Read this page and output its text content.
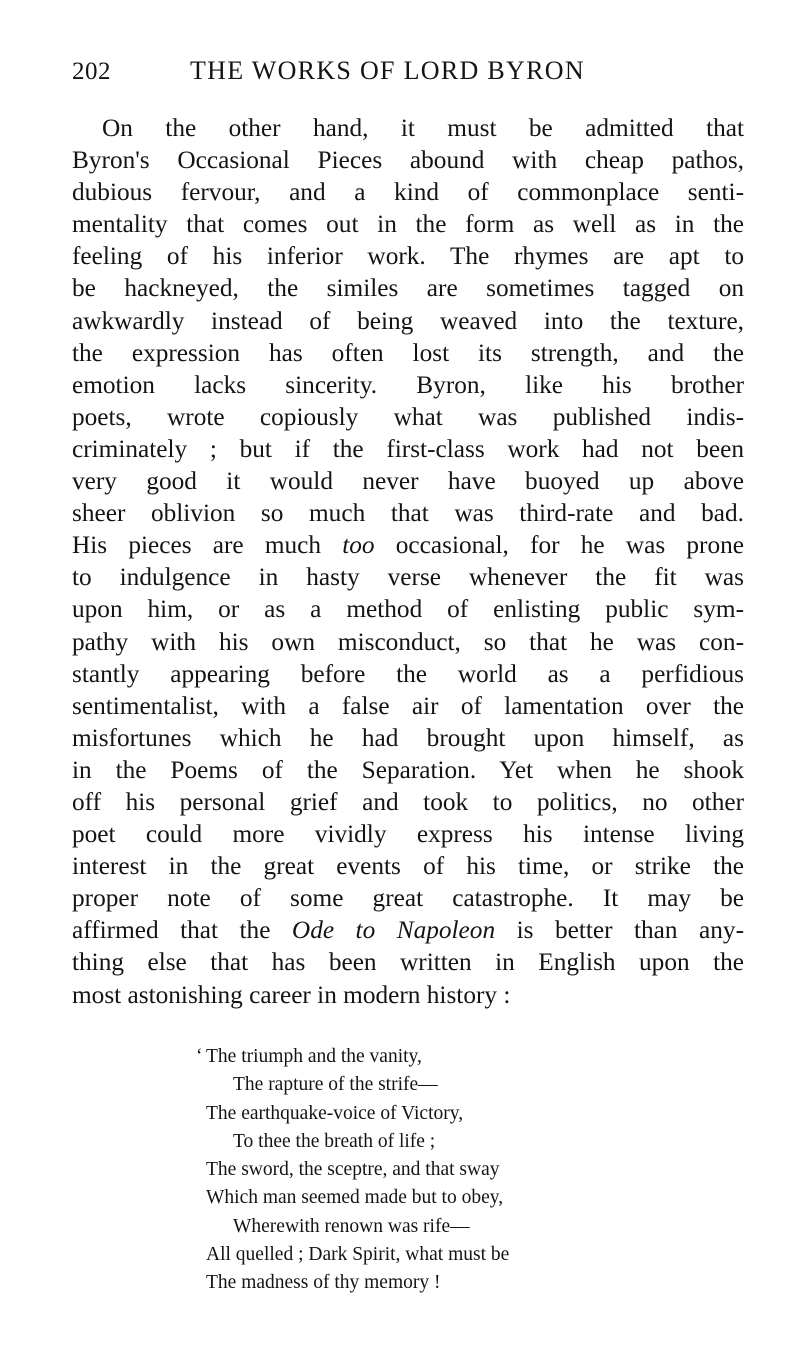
202	THE WORKS OF LORD BYRON
On the other hand, it must be admitted that
Byron's Occasional Pieces abound with cheap pathos,
dubious fervour, and a kind of commonplace senti-
mentality that comes out in the form as well as in the
feeling of his inferior work. The rhymes are apt to
be hackneyed, the similes are sometimes tagged on
awkwardly instead of being weaved into the texture,
the expression has often lost its strength, and the
emotion lacks sincerity. Byron, like his brother
poets, wrote copiously what was published indis-
criminately ; but if the first-class work had not been
very good it would never have buoyed up above
sheer oblivion so much that was third-rate and bad.
His pieces are much too occasional, for he was prone
to indulgence in hasty verse whenever the fit was
upon him, or as a method of enlisting public sym-
pathy with his own misconduct, so that he was con-
stantly appearing before the world as a perfidious
sentimentalist, with a false air of lamentation over the
misfortunes which he had brought upon himself, as
in the Poems of the Separation. Yet when he shook
off his personal grief and took to politics, no other
poet could more vividly express his intense living
interest in the great events of his time, or strike the
proper note of some great catastrophe. It may be
affirmed that the Ode to Napoleon is better than any-
thing else that has been written in English upon the
most astonishing career in modern history :
‘ The triumph and the vanity,
The rapture of the strife—
The earthquake-voice of Victory,
To thee the breath of life ;
The sword, the sceptre, and that sway
Which man seemed made but to obey,
Wherewith renown was rife—
All quelled ; Dark Spirit, what must be
The madness of thy memory !
